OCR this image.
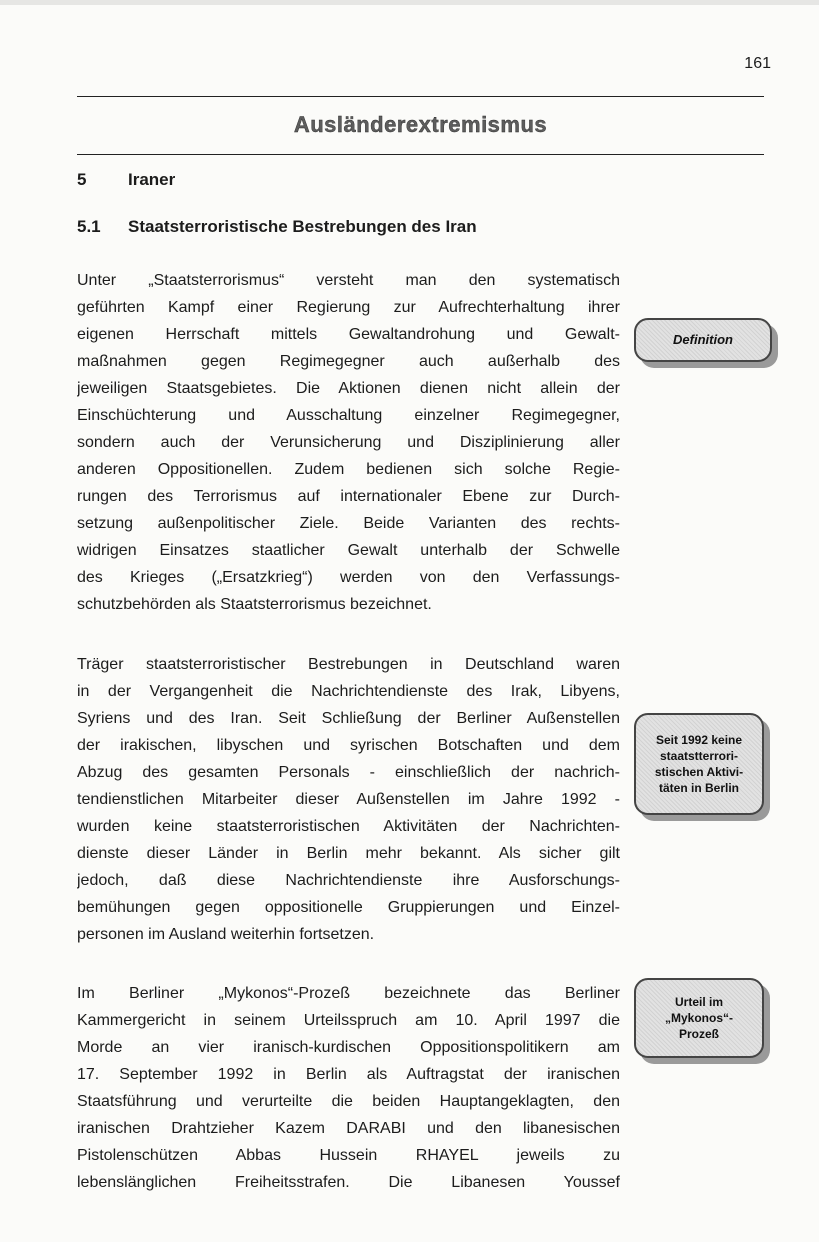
161
Ausländerextremismus
5 Iraner
5.1 Staatsterroristische Bestrebungen des Iran
Unter „Staatsterrorismus“ versteht man den systematisch
geführten Kampf einer Regierung zur Aufrechterhaltung ihrer
eigenen Herrschaft mittels Gewaltandrohung und Gewalt-
maßnahmen gegen Regimegegner auch außerhalb des
jeweiligen Staatsgebietes. Die Aktionen dienen nicht allein der
Einschüchterung und Ausschaltung einzelner Regimegegner,
sondern auch der Verunsicherung und Disziplinierung aller
anderen Oppositionellen. Zudem bedienen sich solche Regie-
rungen des Terrorismus auf internationaler Ebene zur Durch-
setzung außenpolitischer Ziele. Beide Varianten des rechts-
widrigen Einsatzes staatlicher Gewalt unterhalb der Schwelle
des Krieges („Ersatzkrieg“) werden von den Verfassungs-
schutzbehörden als Staatsterrorismus bezeichnet.
Träger staatsterroristischer Bestrebungen in Deutschland waren
in der Vergangenheit die Nachrichtendienste des Irak, Libyens,
Syriens und des Iran. Seit Schließung der Berliner Außenstellen
der irakischen, libyschen und syrischen Botschaften und dem
Abzug des gesamten Personals - einschließlich der nachrich-
tendienstlichen Mitarbeiter dieser Außenstellen im Jahre 1992 -
wurden keine staatsterroristischen Aktivitäten der Nachrichten-
dienste dieser Länder in Berlin mehr bekannt. Als sicher gilt
jedoch, daß diese Nachrichtendienste ihre Ausforschungs-
bemühungen gegen oppositionelle Gruppierungen und Einzel-
personen im Ausland weiterhin fortsetzen.
Im Berliner „Mykonos“-Prozeß bezeichnete das Berliner
Kammergericht in seinem Urteilsspruch am 10. April 1997 die
Morde an vier iranisch-kurdischen Oppositionspolitikern am
17. September 1992 in Berlin als Auftragstat der iranischen
Staatsführung und verurteilte die beiden Hauptangeklagten, den
iranischen Drahtzieher Kazem DARABI und den libanesischen
Pistolenschützen Abbas Hussein RHAYEL jeweils zu
lebenslänglichen Freiheitsstrafen. Die Libanesen Youssef
Definition
Seit 1992 keine
staatstterrori-
stischen Aktivi-
täten in Berlin
Urteil im
„Mykonos“-
Prozeß
